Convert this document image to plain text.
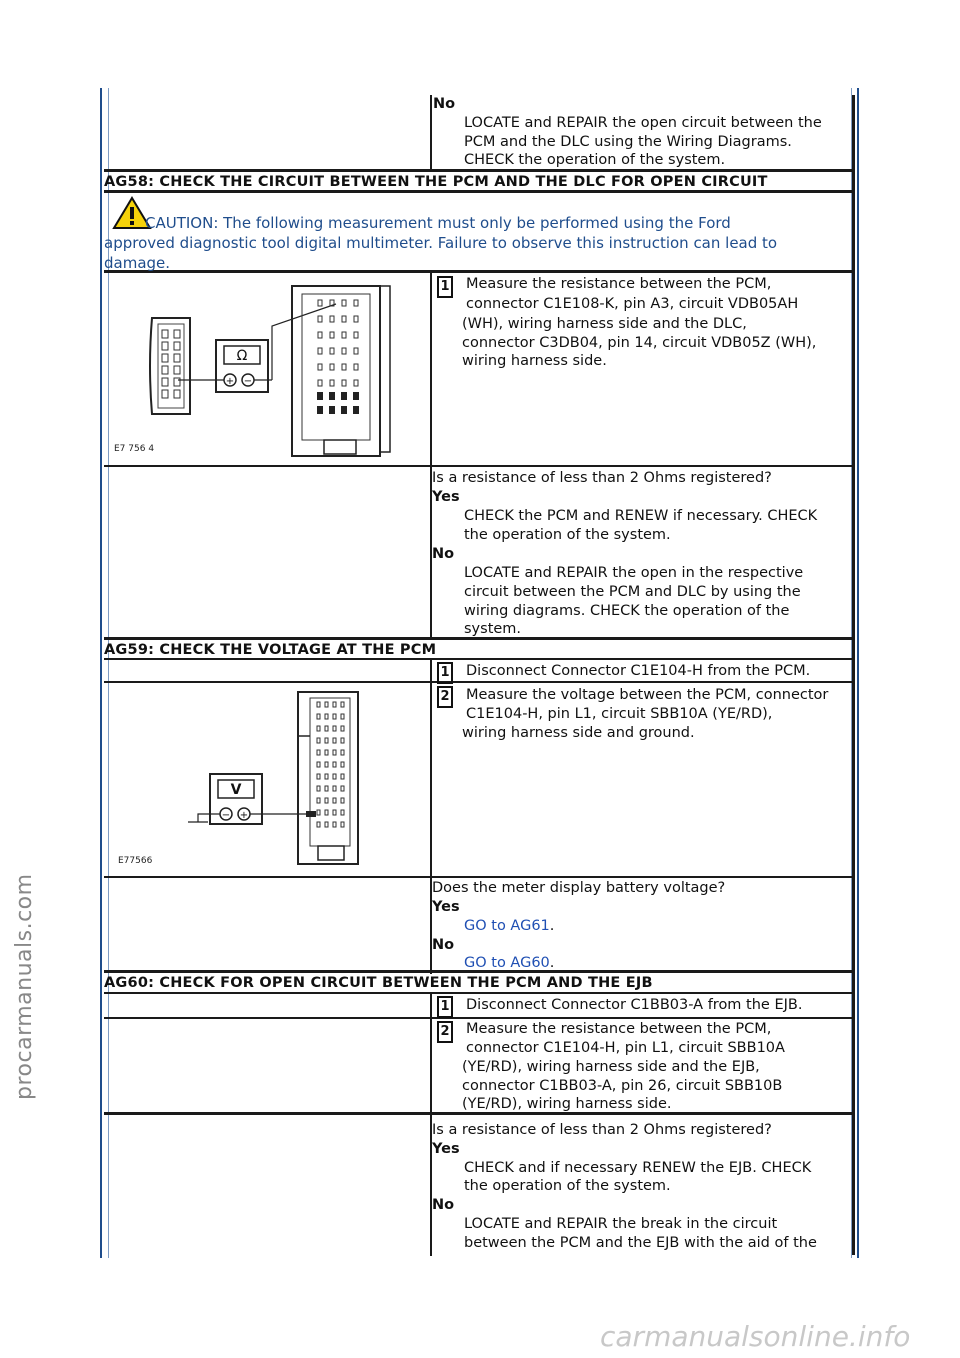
No
LOCATE and REPAIR the open circuit between the
PCM and the DLC using the Wiring Diagrams.
CHECK the operation of the system.
AG58: CHECK THE CIRCUIT BETWEEN THE PCM AND THE DLC FOR OPEN CIRCUIT
CAUTION: The following measurement must only be performed using the Ford
approved diagnostic tool digital multimeter. Failure to observe this instruction can lead to
damage.
Ω
+ −
E7 756 4
1 Measure the resistance between the PCM,
connector C1E108-K, pin A3, circuit VDB05AH
(WH), wiring harness side and the DLC,
connector C3DB04, pin 14, circuit VDB05Z (WH),
wiring harness side.
Is a resistance of less than 2 Ohms registered?
Yes
CHECK the PCM and RENEW if necessary. CHECK
the operation of the system.
No
LOCATE and REPAIR the open in the respective
circuit between the PCM and DLC by using the
wiring diagrams. CHECK the operation of the
system.
AG59: CHECK THE VOLTAGE AT THE PCM
1 Disconnect Connector C1E104-H from the PCM.
2 Measure the voltage between the PCM, connector
C1E104-H, pin L1, circuit SBB10A (YE/RD),
wiring harness side and ground.
V
− +
E77566
Does the meter display battery voltage?
Yes
GO to AG61.
No
GO to AG60.
AG60: CHECK FOR OPEN CIRCUIT BETWEEN THE PCM AND THE EJB
1 Disconnect Connector C1BB03-A from the EJB.
2 Measure the resistance between the PCM,
connector C1E104-H, pin L1, circuit SBB10A
(YE/RD), wiring harness side and the EJB,
connector C1BB03-A, pin 26, circuit SBB10B
(YE/RD), wiring harness side.
Is a resistance of less than 2 Ohms registered?
Yes
CHECK and if necessary RENEW the EJB. CHECK
the operation of the system.
No
LOCATE and REPAIR the break in the circuit
between the PCM and the EJB with the aid of the
procarmanuals.com
carmanualsonline.info
